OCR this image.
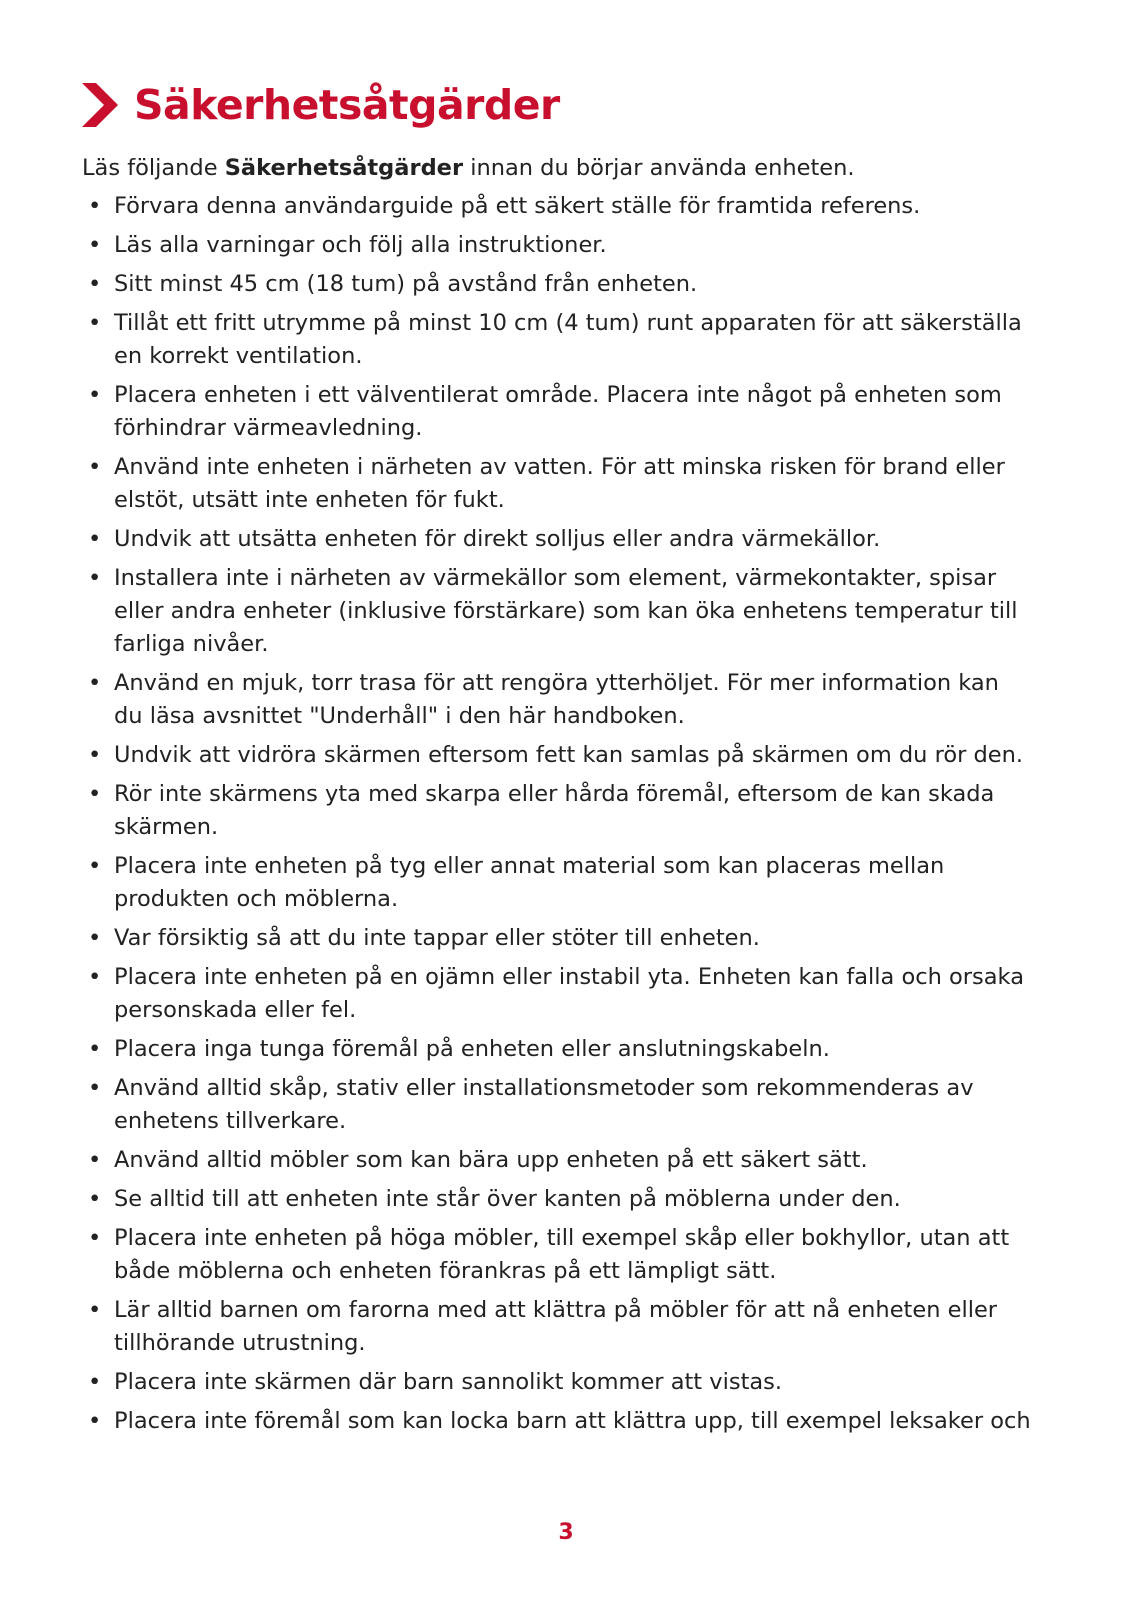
Säkerhetsåtgärder
Läs följande Säkerhetsåtgärder innan du börjar använda enheten.
• Förvara denna användarguide på ett säkert ställe för framtida referens.
• Läs alla varningar och följ alla instruktioner.
• Sitt minst 45 cm (18 tum) på avstånd från enheten.
• Tillåt ett fritt utrymme på minst 10 cm (4 tum) runt apparaten för att säkerställa
en korrekt ventilation.
• Placera enheten i ett välventilerat område. Placera inte något på enheten som
förhindrar värmeavledning.
• Använd inte enheten i närheten av vatten. För att minska risken för brand eller
elstöt, utsätt inte enheten för fukt.
• Undvik att utsätta enheten för direkt solljus eller andra värmekällor.
• Installera inte i närheten av värmekällor som element, värmekontakter, spisar
eller andra enheter (inklusive förstärkare) som kan öka enhetens temperatur till
farliga nivåer.
• Använd en mjuk, torr trasa för att rengöra ytterhöljet. För mer information kan
du läsa avsnittet "Underhåll" i den här handboken.
• Undvik att vidröra skärmen eftersom fett kan samlas på skärmen om du rör den.
• Rör inte skärmens yta med skarpa eller hårda föremål, eftersom de kan skada
skärmen.
• Placera inte enheten på tyg eller annat material som kan placeras mellan
produkten och möblerna.
• Var försiktig så att du inte tappar eller stöter till enheten.
• Placera inte enheten på en ojämn eller instabil yta. Enheten kan falla och orsaka
personskada eller fel.
• Placera inga tunga föremål på enheten eller anslutningskabeln.
• Använd alltid skåp, stativ eller installationsmetoder som rekommenderas av
enhetens tillverkare.
• Använd alltid möbler som kan bära upp enheten på ett säkert sätt.
• Se alltid till att enheten inte står över kanten på möblerna under den.
• Placera inte enheten på höga möbler, till exempel skåp eller bokhyllor, utan att
både möblerna och enheten förankras på ett lämpligt sätt.
• Lär alltid barnen om farorna med att klättra på möbler för att nå enheten eller
tillhörande utrustning.
• Placera inte skärmen där barn sannolikt kommer att vistas.
• Placera inte föremål som kan locka barn att klättra upp, till exempel leksaker och
3
